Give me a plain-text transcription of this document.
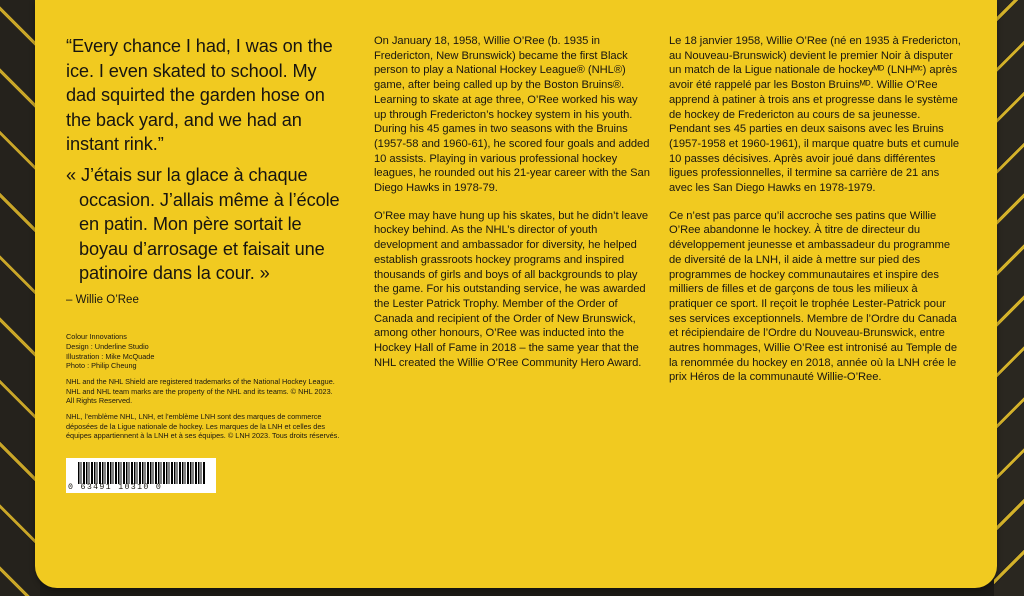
“Every chance I had, I was on the ice. I even skated to school. My dad squirted the garden hose on the back yard, and we had an instant rink.”

« J’étais sur la glace à chaque occasion. J’allais même à l’école en patin. Mon père sortait le boyau d’arrosage et faisait une patinoire dans la cour. »

– Willie O’Ree

Colour Innovations

Design : Underline Studio

Illustration : Mike McQuade

Photo : Philip Cheung

NHL and the NHL Shield are registered trademarks of the National Hockey League. NHL and NHL team marks are the property of the NHL and its teams. © NHL 2023. All Rights Reserved.

NHL, l’emblème NHL, LNH, et l’emblème LNH sont des marques de commerce déposées de la Ligue nationale de hockey. Les marques de la LNH et celles des équipes appartiennent à la LNH et à ses équipes. © LNH 2023. Tous droits réservés.

0 63491 10310 0

On January 18, 1958, Willie O’Ree (b. 1935 in Fredericton, New Brunswick) became the first Black person to play a National Hockey League® (NHL®) game, after being called up by the Boston Bruins®. Learning to skate at age three, O’Ree worked his way up through Fredericton’s hockey system in his youth. During his 45 games in two seasons with the Bruins (1957-58 and 1960-61), he scored four goals and added 10 assists. Playing in various professional hockey leagues, he rounded out his 21-year career with the San Diego Hawks in 1978-79.

O’Ree may have hung up his skates, but he didn’t leave hockey behind. As the NHL’s director of youth development and ambassador for diversity, he helped establish grassroots hockey programs and inspired thousands of girls and boys of all backgrounds to play the game. For his outstanding service, he was awarded the Lester Patrick Trophy. Member of the Order of Canada and recipient of the Order of New Brunswick, among other honours, O’Ree was inducted into the Hockey Hall of Fame in 2018 – the same year that the NHL created the Willie O’Ree Community Hero Award.

Le 18 janvier 1958, Willie O’Ree (né en 1935 à Fredericton, au Nouveau-Brunswick) devient le premier Noir à disputer un match de la Ligue nationale de hockeyᴹᴰ (LNHᴹᶜ) après avoir été rappelé par les Boston Bruinsᴹᴰ. Willie O’Ree apprend à patiner à trois ans et progresse dans le système de hockey de Fredericton au cours de sa jeunesse. Pendant ses 45 parties en deux saisons avec les Bruins (1957-1958 et 1960-1961), il marque quatre buts et cumule 10 passes décisives. Après avoir joué dans différentes ligues professionnelles, il termine sa carrière de 21 ans avec les San Diego Hawks en 1978-1979.

Ce n’est pas parce qu’il accroche ses patins que Willie O’Ree abandonne le hockey. À titre de directeur du développement jeunesse et ambassadeur du programme de diversité de la LNH, il aide à mettre sur pied des programmes de hockey communautaires et inspire des milliers de filles et de garçons de tous les milieux à pratiquer ce sport. Il reçoit le trophée Lester-Patrick pour ses services exceptionnels. Membre de l’Ordre du Canada et récipiendaire de l’Ordre du Nouveau-Brunswick, entre autres hommages, Willie O’Ree est intronisé au Temple de la renommée du hockey en 2018, année où la LNH crée le prix Héros de la communauté Willie-O’Ree.
